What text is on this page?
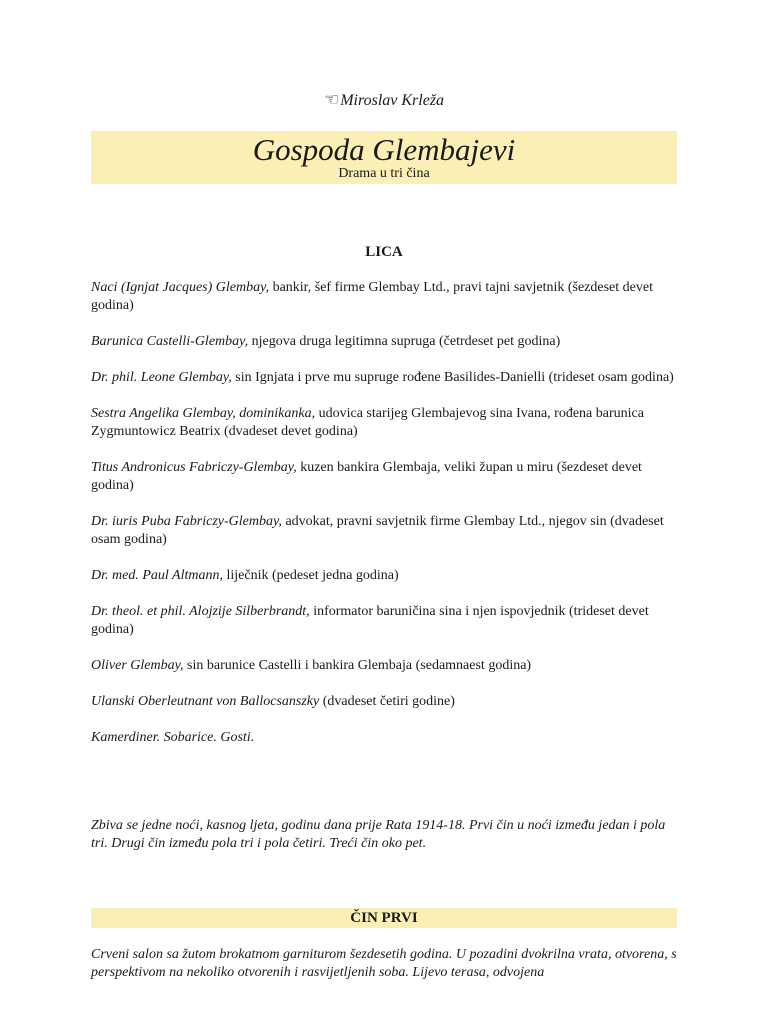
☜Miroslav Krleža
Gospoda Glembajevi
Drama u tri čina
LICA

Naci (Ignjat Jacques) Glembay, bankir, šef firme Glembay Ltd., pravi tajni savjetnik (šezdeset devet godina)

Barunica Castelli-Glembay, njegova druga legitimna supruga (četrdeset pet godina)

Dr. phil. Leone Glembay, sin Ignjata i prve mu supruge rođene Basilides-Danielli (trideset osam godina)

Sestra Angelika Glembay, dominikanka, udovica starijeg Glembajevog sina Ivana, rođena barunica Zygmuntowicz Beatrix (dvadeset devet godina)

Titus Andronicus Fabriczy-Glembay, kuzen bankira Glembaja, veliki župan u miru (šezdeset devet godina)

Dr. iuris Puba Fabriczy-Glembay, advokat, pravni savjetnik firme Glembay Ltd., njegov sin (dvadeset osam godina)

Dr. med. Paul Altmann, liječnik (pedeset jedna godina)

Dr. theol. et phil. Alojzije Silberbrandt, informator baruničina sina i njen ispovjednik (trideset devet godina)

Oliver Glembay, sin barunice Castelli i bankira Glembaja (sedamnaest godina)

Ulanski Oberleutnant von Ballocsanszky (dvadeset četiri godine)

Kamerdiner. Sobarice. Gosti.

Zbiva se jedne noći, kasnog ljeta, godinu dana prije Rata 1914-18. Prvi čin u noći između jedan i pola tri. Drugi čin između pola tri i pola četiri. Treći čin oko pet.

ČIN PRVI

Crveni salon sa žutom brokatnom garniturom šezdesetih godina. U pozadini dvokrilna vrata, otvorena, s perspektivom na nekoliko otvorenih i rasvijetljenih soba. Lijevo terasa, odvojena
